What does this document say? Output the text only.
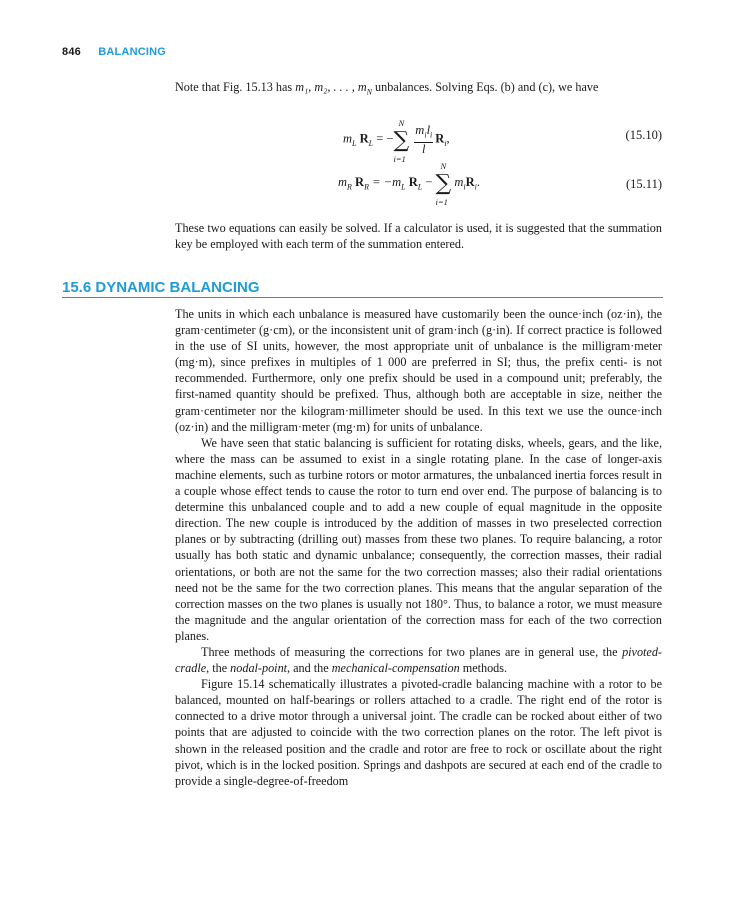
846 BALANCING

Note that Fig. 15.13 has m₁, m₂, . . . , $m_N$ unbalances. Solving Eqs. (b) and (c), we have

$m_L$ $R_L$ = −∑
N
i=1

$\frac{m_il_i}{l} R_i$,	(15.10)
$m_R$ $R_R = -m_L$ $R_L$ − ∑
N
i=1
$m_iR_i$.	(15.11)

These two equations can easily be solved. If a calculator is used, it is suggested that the summation key be employed with each term of the summation entered.

15.6 DYNAMIC BALANCING

The units in which each unbalance is measured have customarily been the ounce·inch (oz·in), the gram·centimeter (g·cm), or the inconsistent unit of gram·inch (g·in). If correct practice is followed in the use of SI units, however, the most appropriate unit of unbalance is the milligram·meter (mg·m), since prefixes in multiples of 1 000 are preferred in SI; thus, the prefix centi- is not recommended. Furthermore, only one prefix should be used in a compound unit; preferably, the first-named quantity should be prefixed. Thus, although both are acceptable in size, neither the gram·centimeter nor the kilogram·millimeter should be used. In this text we use the ounce·inch (oz·in) and the milligram·meter (mg·m) for units of unbalance.

We have seen that static balancing is sufficient for rotating disks, wheels, gears, and the like, where the mass can be assumed to exist in a single rotating plane. In the case of longer-axis machine elements, such as turbine rotors or motor armatures, the unbalanced inertia forces result in a couple whose effect tends to cause the rotor to turn end over end. The purpose of balancing is to determine this unbalanced couple and to add a new couple of equal magnitude in the opposite direction. The new couple is introduced by the addition of masses in two preselected correction planes or by subtracting (drilling out) masses from these two planes. To require balancing, a rotor usually has both static and dynamic unbalance; consequently, the correction masses, their radial orientations, or both are not the same for the two correction masses; also their radial orientations need not be the same for the two correction planes. This means that the angular separation of the correction masses on the two planes is usually not 180°. Thus, to balance a rotor, we must measure the magnitude and the angular orientation of the correction mass for each of the two correction planes.

Three methods of measuring the corrections for two planes are in general use, the pivoted-cradle, the nodal-point, and the mechanical-compensation methods.

Figure 15.14 schematically illustrates a pivoted-cradle balancing machine with a rotor to be balanced, mounted on half-bearings or rollers attached to a cradle. The right end of the rotor is connected to a drive motor through a universal joint. The cradle can be rocked about either of two points that are adjusted to coincide with the two correction planes on the rotor. The left pivot is shown in the released position and the cradle and rotor are free to rock or oscillate about the right pivot, which is in the locked position. Springs and dashpots are secured at each end of the cradle to provide a single-degree-of-freedom
